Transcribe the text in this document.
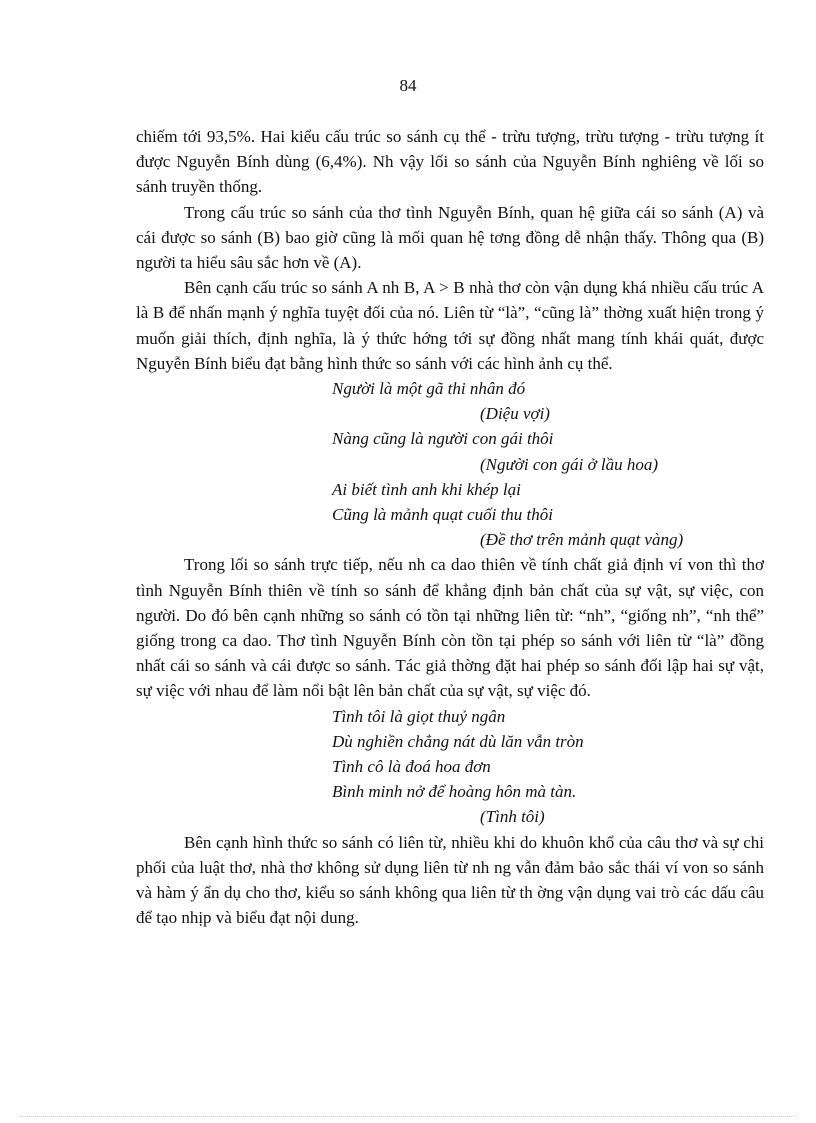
84

chiếm tới 93,5%. Hai kiểu cấu trúc so sánh cụ thể - trừu tượng, trừu tượng - trừu tượng ít được Nguyễn Bính dùng (6,4%). Nh vậy lối so sánh của Nguyễn Bính nghiêng về lối so sánh truyền thống.

Trong cấu trúc so sánh của thơ tình Nguyễn Bính, quan hệ giữa cái so sánh (A) và cái được so sánh (B) bao giờ cũng là mối quan hệ tơng đồng dễ nhận thấy. Thông qua (B) người ta hiểu sâu sắc hơn về (A).

Bên cạnh cấu trúc so sánh A nh B, A > B nhà thơ còn vận dụng khá nhiều cấu trúc A là B để nhấn mạnh ý nghĩa tuyệt đối của nó. Liên từ “là”, “cũng là” thờng xuất hiện trong ý muốn giải thích, định nghĩa, là ý thức hớng tới sự đồng nhất mang tính khái quát, được Nguyễn Bính biểu đạt bằng hình thức so sánh với các hình ảnh cụ thể.

Người là một gã thi nhân đó

(Diệu vợi)

Nàng cũng là người con gái thôi

(Người con gái ở lầu hoa)

Ai biết tình anh khi khép lại

Cũng là mảnh quạt cuối thu thôi

(Đề thơ trên mảnh quạt vàng)

Trong lối so sánh trực tiếp, nếu nh ca dao thiên về tính chất giả định ví von thì thơ tình Nguyễn Bính thiên về tính so sánh để khẳng định bản chất của sự vật, sự việc, con người. Do đó bên cạnh những so sánh có tồn tại những liên từ: “nh”, “giống nh”, “nh thể” giống trong ca dao. Thơ tình Nguyễn Bính còn tồn tại phép so sánh với liên từ “là” đồng nhất cái so sánh và cái được so sánh. Tác giả thờng đặt hai phép so sánh đối lập hai sự vật, sự việc với nhau để làm nổi bật lên bản chất của sự vật, sự việc đó.

Tình tôi là giọt thuỷ ngân

Dù nghiền chẳng nát dù lăn vẫn tròn

Tình cô là đoá hoa đơn

Bình minh nở để hoàng hôn mà tàn.

(Tình tôi)

Bên cạnh hình thức so sánh có liên từ, nhiều khi do khuôn khổ của câu thơ và sự chi phối của luật thơ, nhà thơ không sử dụng liên từ nh ng vẫn đảm bảo sắc thái ví von so sánh và hàm ý ẩn dụ cho thơ, kiểu so sánh không qua liên từ th ờng vận dụng vai trò các dấu câu để tạo nhịp và biểu đạt nội dung.
